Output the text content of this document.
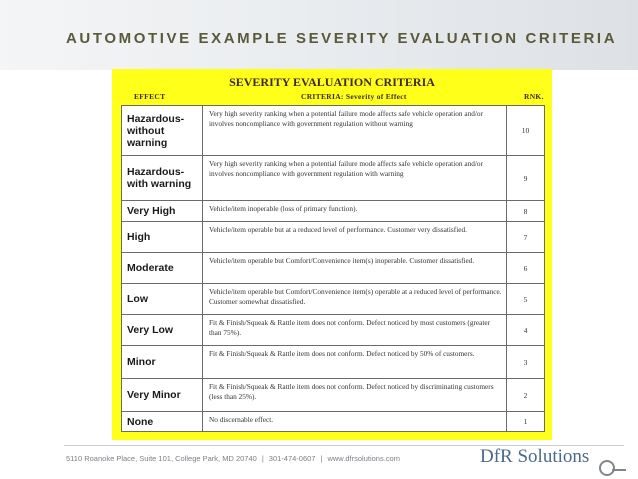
AUTOMOTIVE EXAMPLE SEVERITY EVALUATION CRITERIA
SEVERITY EVALUATION CRITERIA
EFFECT	CRITERIA: Severity of Effect	RNK.
Hazardous-without warning	Very high severity ranking when a potential failure mode affects safe vehicle operation and/or involves noncompliance with government regulation without warning	10
Hazardous-with warning	Very high severity ranking when a potential failure mode affects safe vehicle operation and/or involves noncompliance with government regulation with warning	9
Very High	Vehicle/item inoperable (loss of primary function).	8
High	Vehicle/item operable but at a reduced level of performance. Customer very dissatisfied.	7
Moderate	Vehicle/item operable but Comfort/Convenience item(s) inoperable. Customer dissatisfied.	6
Low	Vehicle/item operable but Comfort/Convenience item(s) operable at a reduced level of performance. Customer somewhat dissatisfied.	5
Very Low	Fit & Finish/Squeak & Rattle item does not conform. Defect noticed by most customers (greater than 75%).	4
Minor	Fit & Finish/Squeak & Rattle item does not conform. Defect noticed by 50% of customers.	3
Very Minor	Fit & Finish/Squeak & Rattle item does not conform. Defect noticed by discriminating customers (less than 25%).	2
None	No discernable effect.	1
5110 Roanoke Place, Suite 101, College Park, MD 20740 | 301-474-0607 | www.dfrsolutions.com	DfR Solutions
